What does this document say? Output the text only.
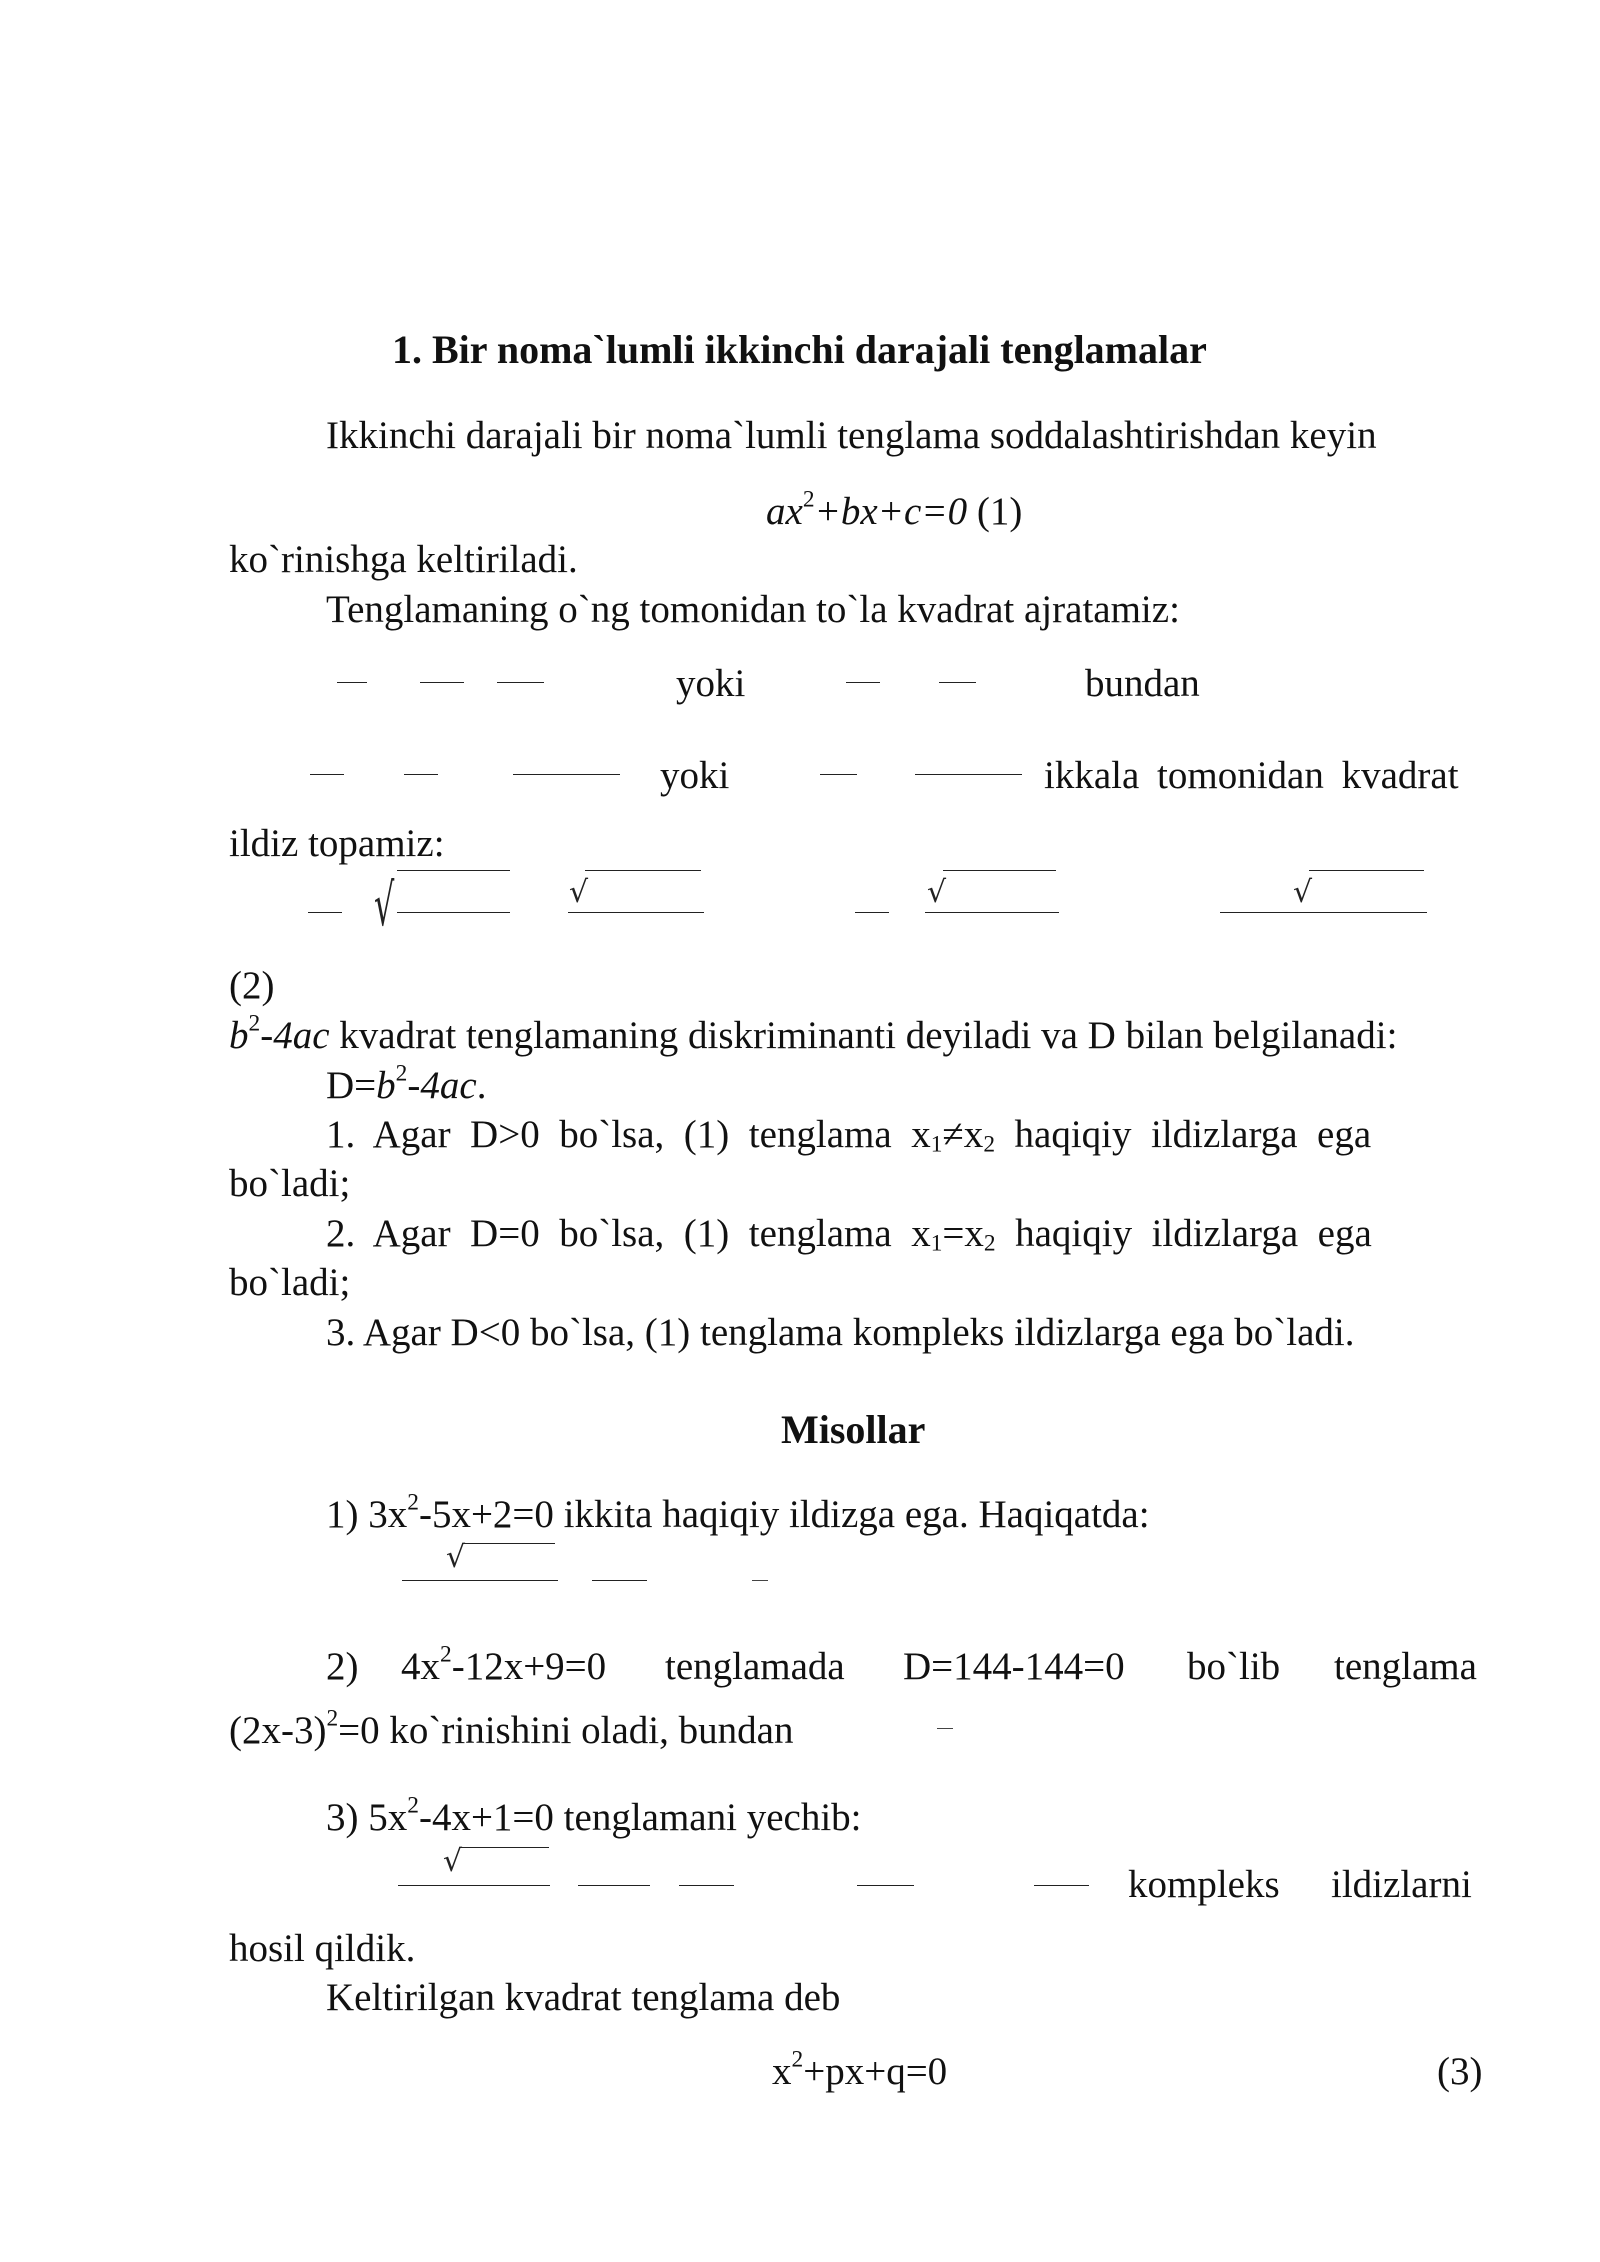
1. Bir noma`lumli ikkinchi darajali tenglamalar
Ikkinchi darajali bir noma`lumli tenglama soddalashtirishdan keyin
$ax^2+bx+c=0$ (1)
ko`rinishga keltiriladi.
Tenglamaning o`ng tomonidan to`la kvadrat ajratamiz:
yoki	bundan
yoki	ikkala tomonidan kvadrat
ildiz topamiz:
√	√	√	√
(2)
$b^2-4ac$ kvadrat tenglamaning diskriminanti deyiladi va D bilan belgilanadi:
$D=b^2-4ac$.
1.  Agar  D>0  bo`lsa,  (1)  tenglama  $x_1\ne x_2$  haqiqiy  ildizlarga  ega
bo`ladi;
2.  Agar  D=0  bo`lsa,  (1)  tenglama  $x_1=x_2$  haqiqiy  ildizlarga  ega
bo`ladi;
3. Agar D<0 bo`lsa, (1) tenglama kompleks ildizlarga ega bo`ladi.
Misollar
1) $3x^2-5x+2=0$ ikkita haqiqiy ildizga ega. Haqiqatda:
√
2) $4x^2-12x+9=0$ tenglamada D=144-144=0 bo`lib tenglama
$(2x-3)^2=0$ ko`rinishini oladi, bundan
3) $5x^2-4x+1=0$ tenglamani yechib:
√
kompleks ildizlarni
hosil qildik.
Keltirilgan kvadrat tenglama deb
$x^2+px+q=0$	(3)
